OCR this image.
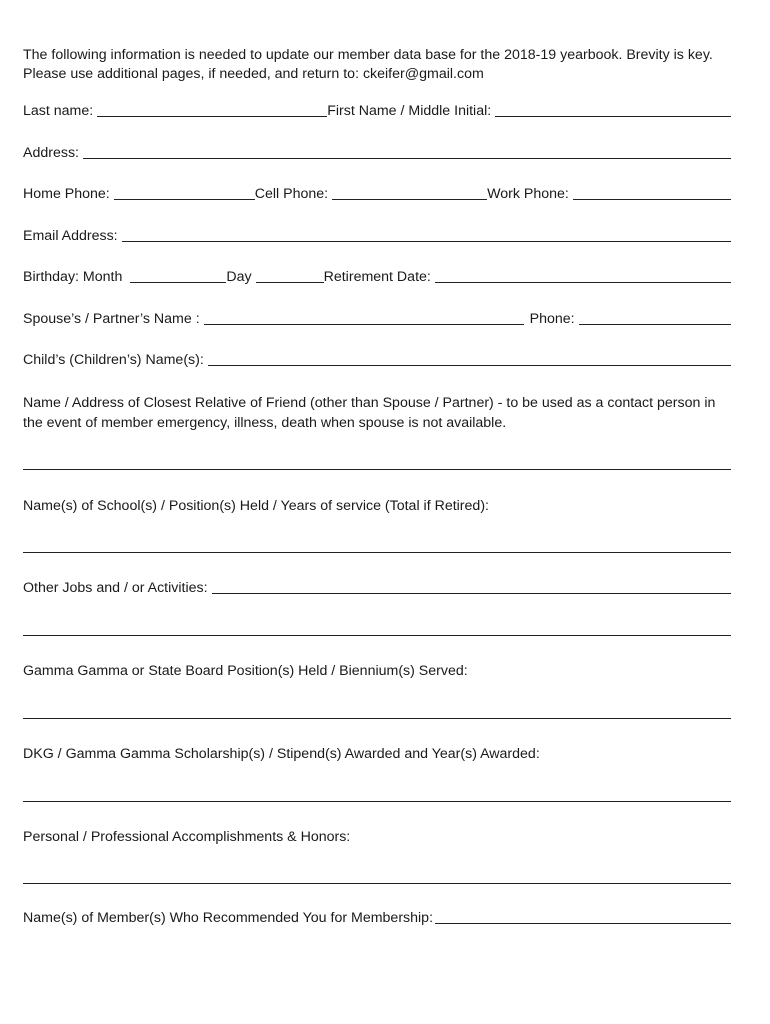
The following information is needed to update our member data base for the 2018-19 yearbook. Brevity is key. Please use additional pages, if needed, and return to: ckeifer@gmail.com

Last name:	First Name / Middle Initial:
Address:
Home Phone:	Cell Phone:	Work Phone:
Email Address:
Birthday: Month	Day	Retirement Date:
Spouse’s / Partner’s Name :	Phone:
Child’s (Children’s) Name(s):

Name / Address of Closest Relative of Friend (other than Spouse / Partner) - to be used as a contact person in the event of member emergency, illness, death when spouse is not available.

Name(s) of School(s) / Position(s) Held / Years of service (Total if Retired):

Other Jobs and / or Activities:

Gamma Gamma or State Board Position(s) Held / Biennium(s) Served:

DKG / Gamma Gamma Scholarship(s) / Stipend(s) Awarded and Year(s) Awarded:

Personal / Professional Accomplishments & Honors:

Name(s) of Member(s) Who Recommended You for Membership:
